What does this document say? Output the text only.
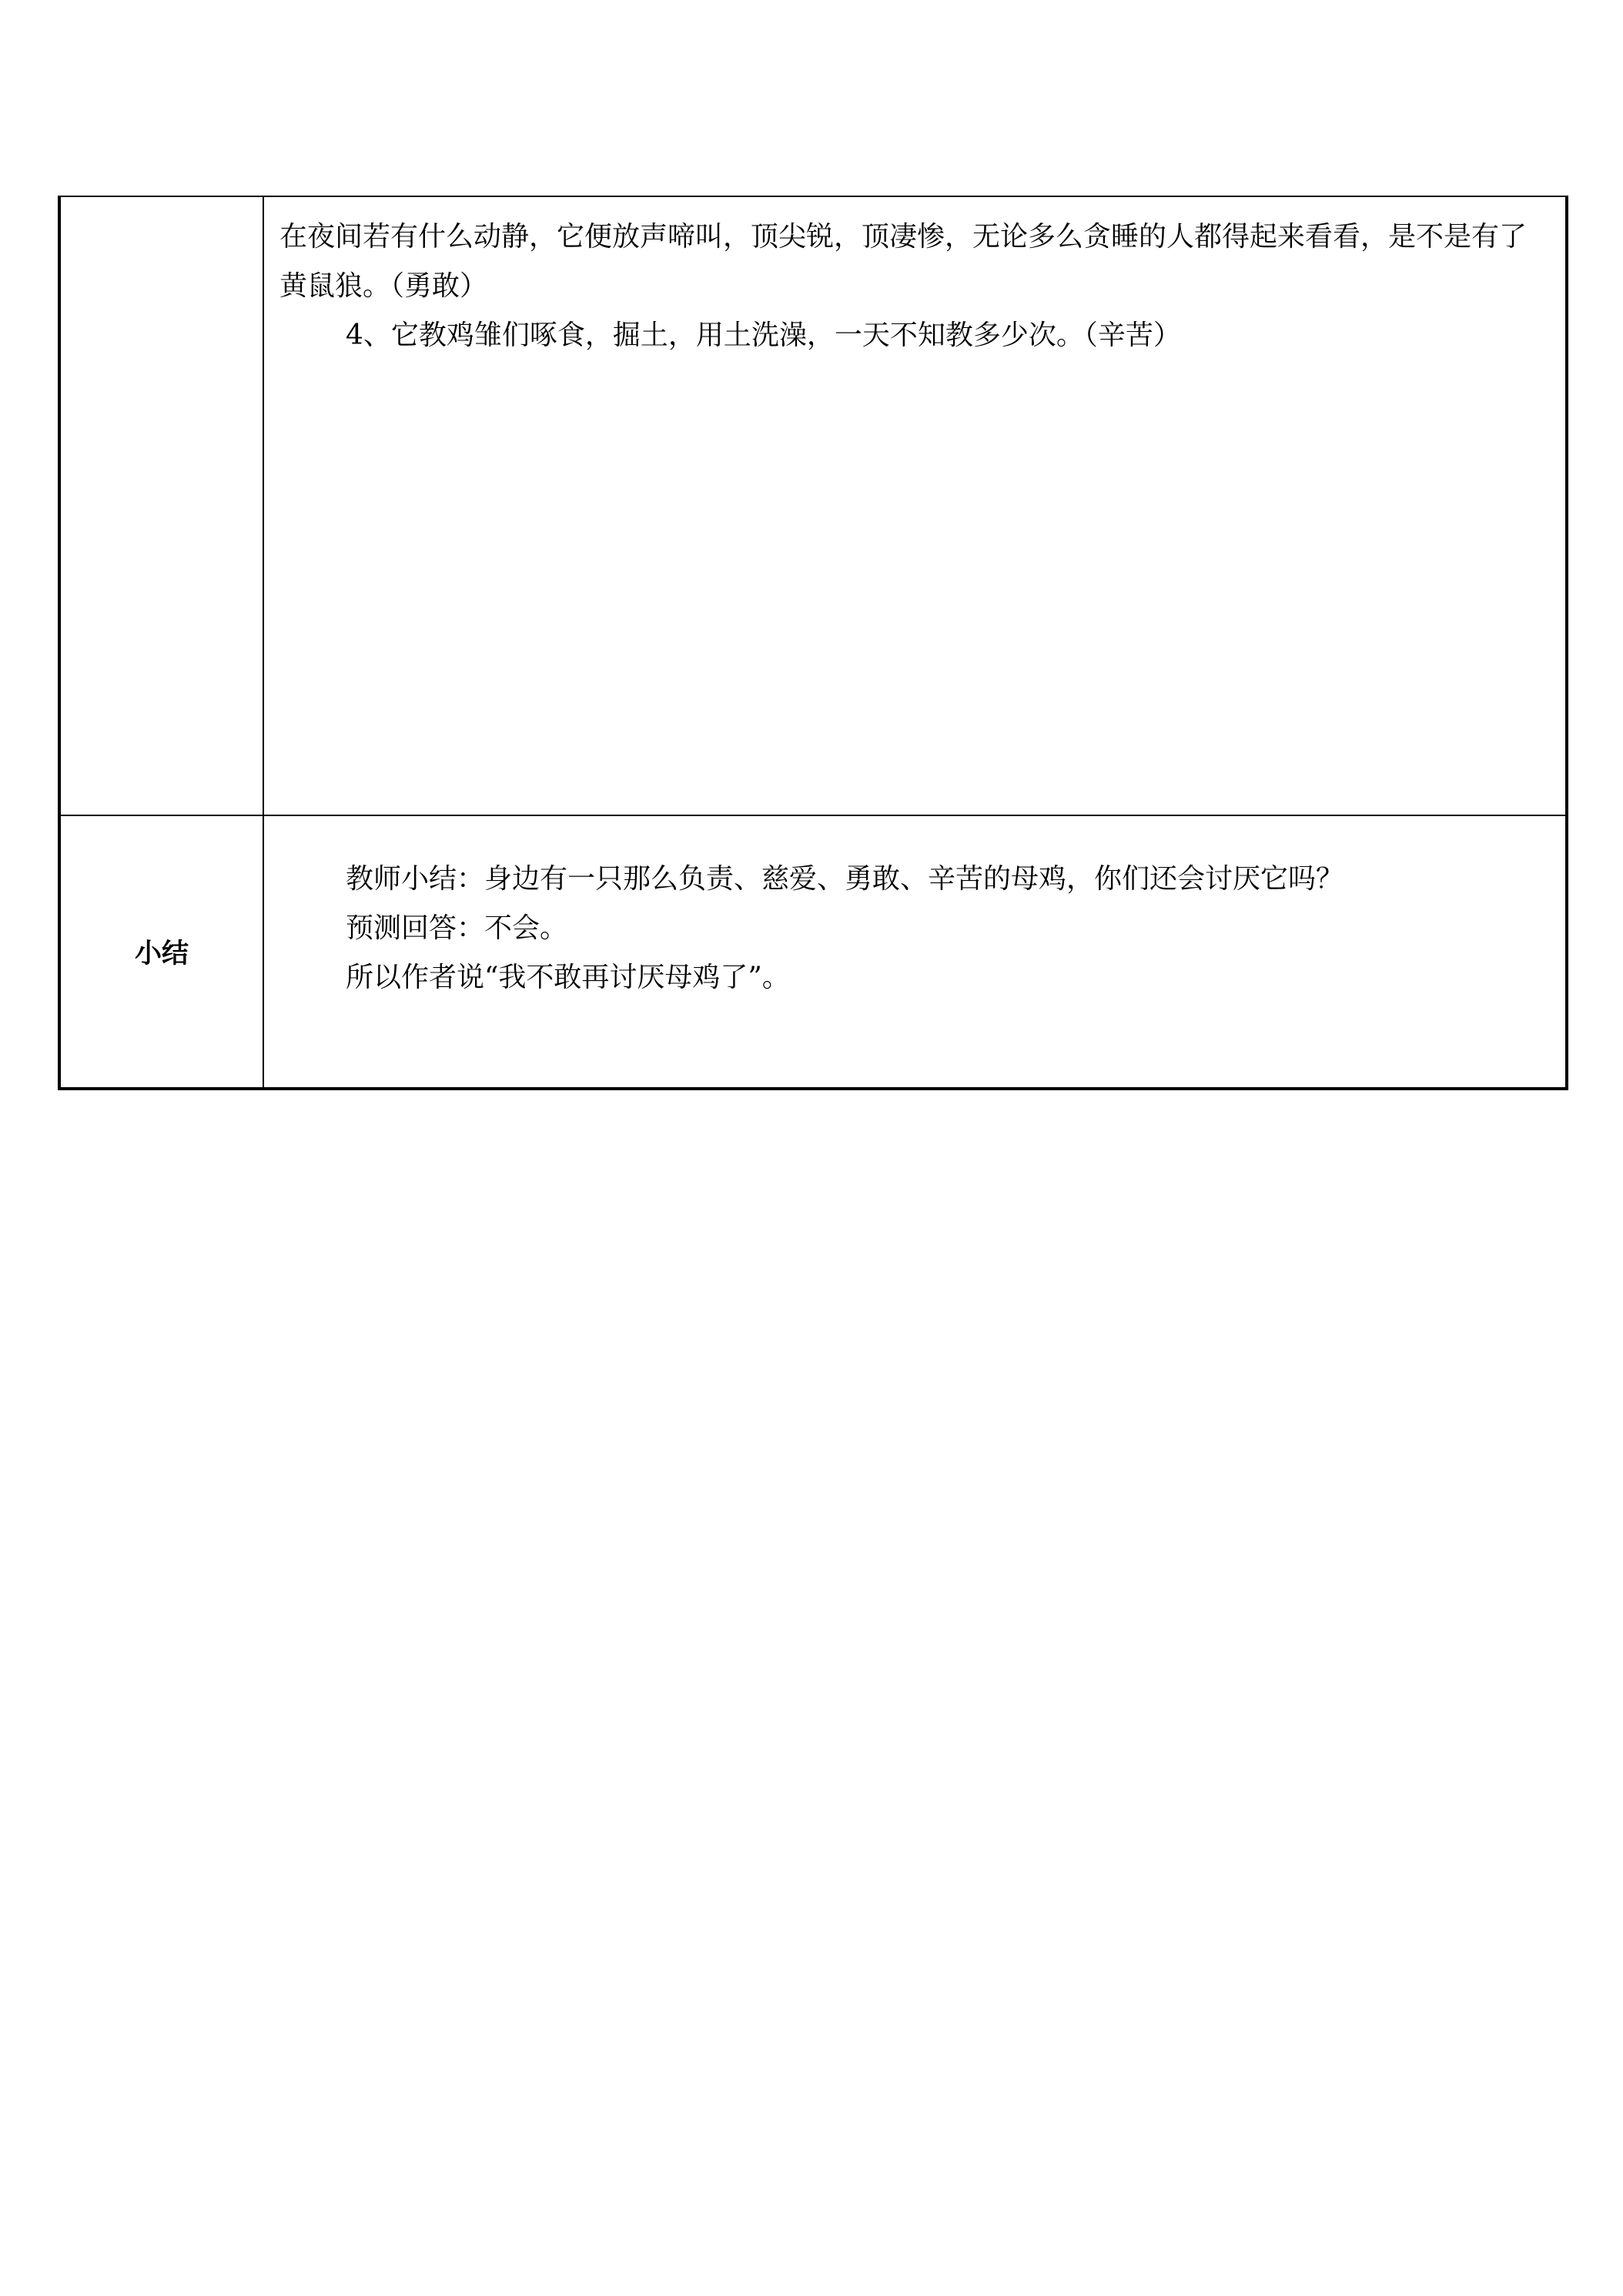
	在夜间若有什么动静，它便放声啼叫，顶尖锐，顶凄惨，无论多么贪睡的人都得起来看看，是不是有了黄鼠狼。（勇敢）

4、它教鸡雏们啄食，掘土，用土洗澡，一天不知教多少次。（辛苦）

小结	教师小结：身边有一只那么负责、慈爱、勇敢、辛苦的母鸡，你们还会讨厌它吗？

预测回答：不会。

所以作者说“我不敢再讨厌母鸡了”。
